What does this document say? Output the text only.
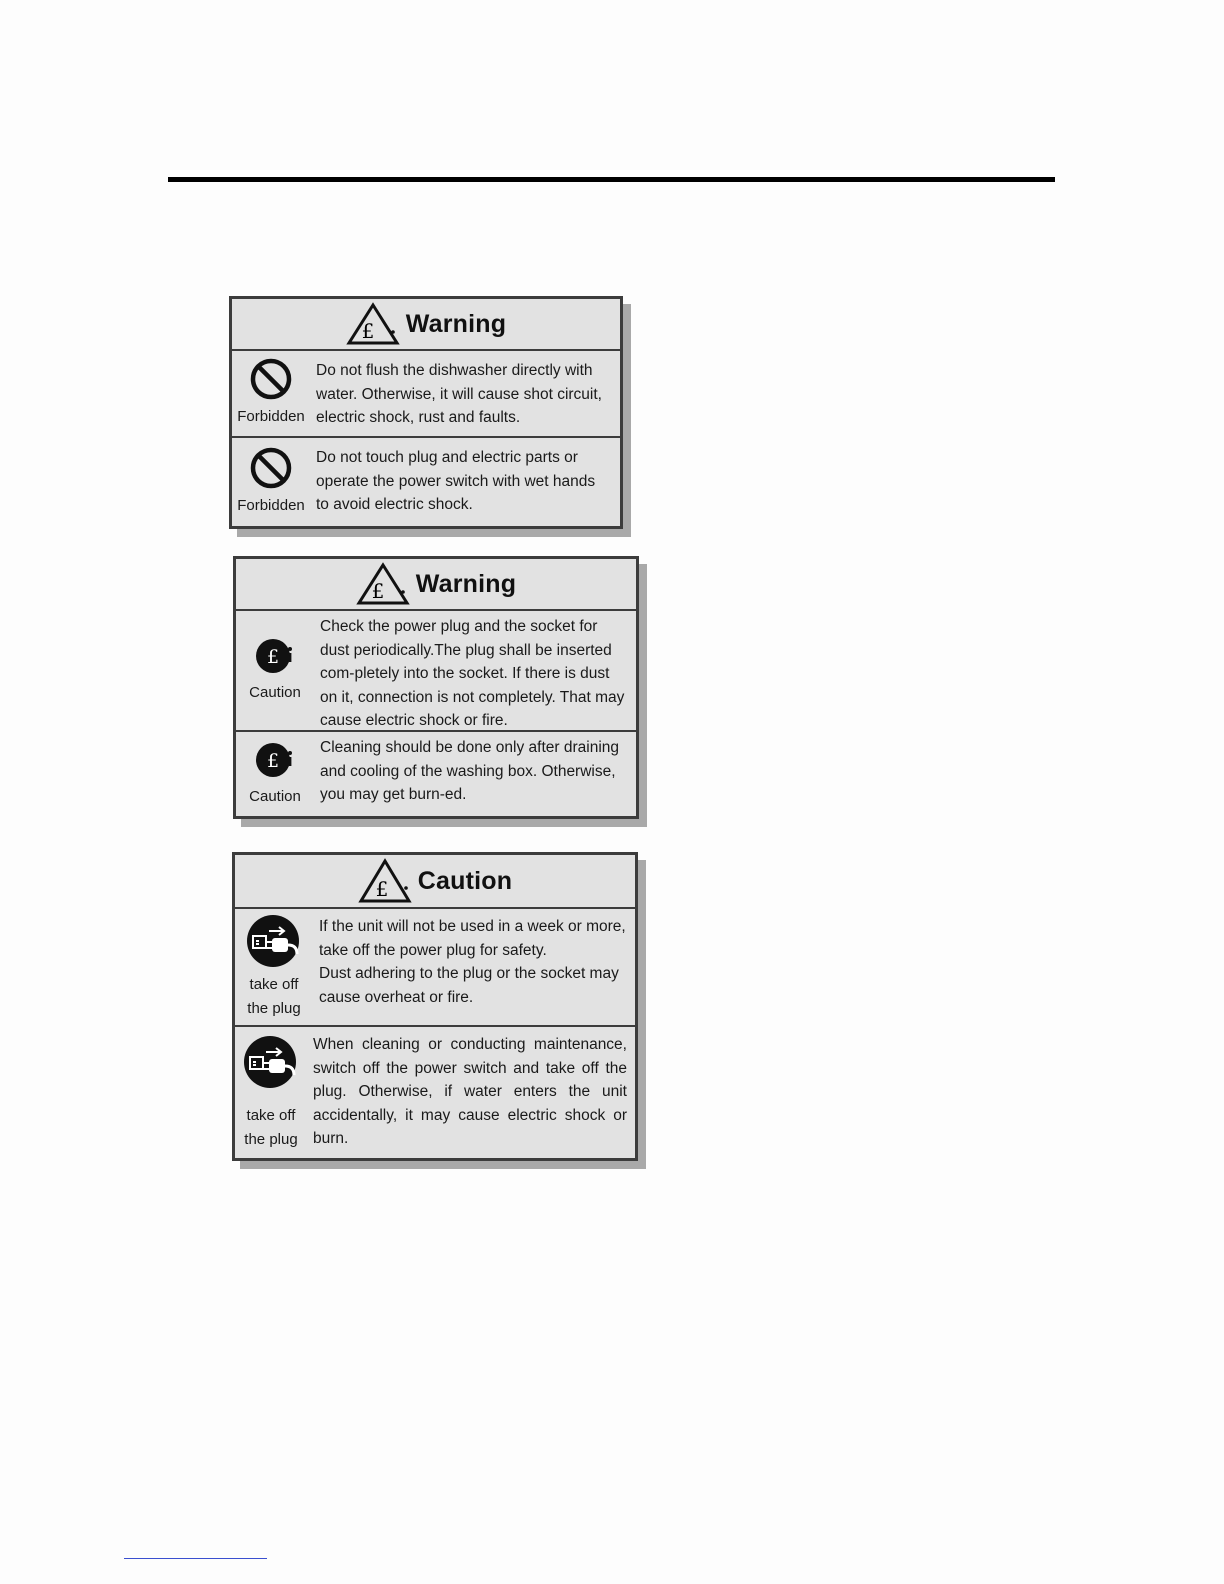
£ Warning
Forbidden
Do not flush the dishwasher directly with water. Otherwise, it will cause shot circuit, electric shock, rust and faults.
Forbidden
Do not touch plug and electric parts or operate the power switch with wet hands to avoid electric shock.
£ Warning
£
Caution
Check the power plug and the socket for dust periodically.The plug shall be inserted com-pletely into the socket. If there is dust on it, connection is not completely. That may cause electric shock or fire.
£
Caution
Cleaning should be done only after draining and cooling of the washing box. Otherwise, you may get burn-ed.
£ Caution
take off
the plug
If the unit will not be used in a week or more, take off the power plug for safety.
Dust adhering to the plug or the socket may cause overheat or fire.
take off
the plug
When cleaning or conducting maintenance, switch off the power switch and take off the plug. Otherwise, if water enters the unit accidentally, it may cause electric shock or burn.
